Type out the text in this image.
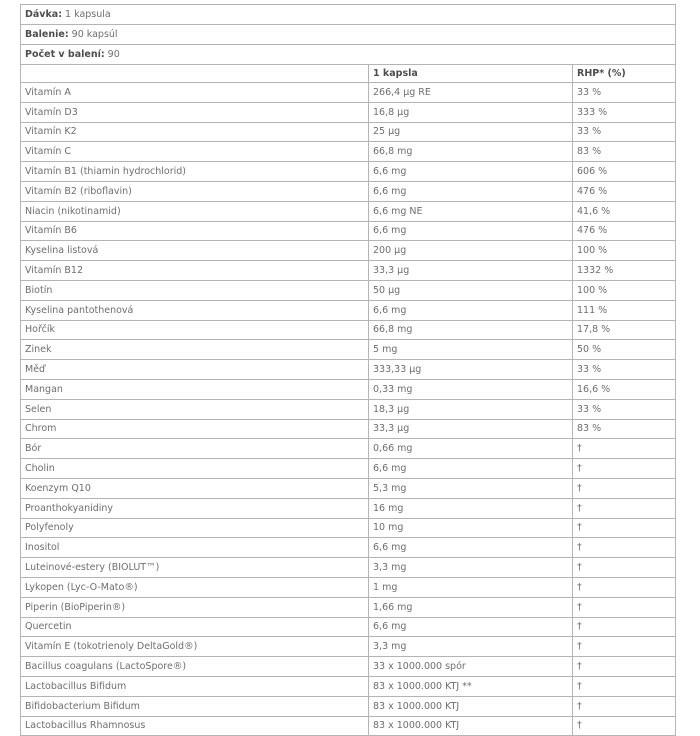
Dávka: 1 kapsula		
Balenie: 90 kapsúl		
Počet v balení: 90		
	1 kapsla	RHP* (%)
Vitamín A	266,4 µg RE	33 %
Vitamín D3	16,8 µg	333 %
Vitamín K2	25 µg	33 %
Vitamín C	66,8 mg	83 %
Vitamín B1 (thiamin hydrochlorid)	6,6 mg	606 %
Vitamín B2 (riboflavin)	6,6 mg	476 %
Niacin (nikotinamid)	6,6 mg NE	41,6 %
Vitamín B6	6,6 mg	476 %
Kyselina listová	200 µg	100 %
Vitamín B12	33,3 µg	1332 %
Biotín	50 µg	100 %
Kyselina pantothenová	6,6 mg	111 %
Hořčík	66,8 mg	17,8 %
Zinek	5 mg	50 %
Měď	333,33 µg	33 %
Mangan	0,33 mg	16,6 %
Selen	18,3 µg	33 %
Chrom	33,3 µg	83 %
Bór	0,66 mg	†
Cholin	6,6 mg	†
Koenzym Q10	5,3 mg	†
Proanthokyanidiny	16 mg	†
Polyfenoly	10 mg	†
Inositol	6,6 mg	†
Luteinové-estery (BIOLUT™)	3,3 mg	†
Lykopen (Lyc-O-Mato®)	1 mg	†
Piperin (BioPiperin®)	1,66 mg	†
Quercetin	6,6 mg	†
Vitamín E (tokotrienoly DeltaGold®)	3,3 mg	†
Bacillus coagulans (LactoSpore®)	33 x 1000.000 spór	†
Lactobacillus Bifidum	83 x 1000.000 KTJ **	†
Bifidobacterium Bifidum	83 x 1000.000 KTJ	†
Lactobacillus Rhamnosus	83 x 1000.000 KTJ	†
